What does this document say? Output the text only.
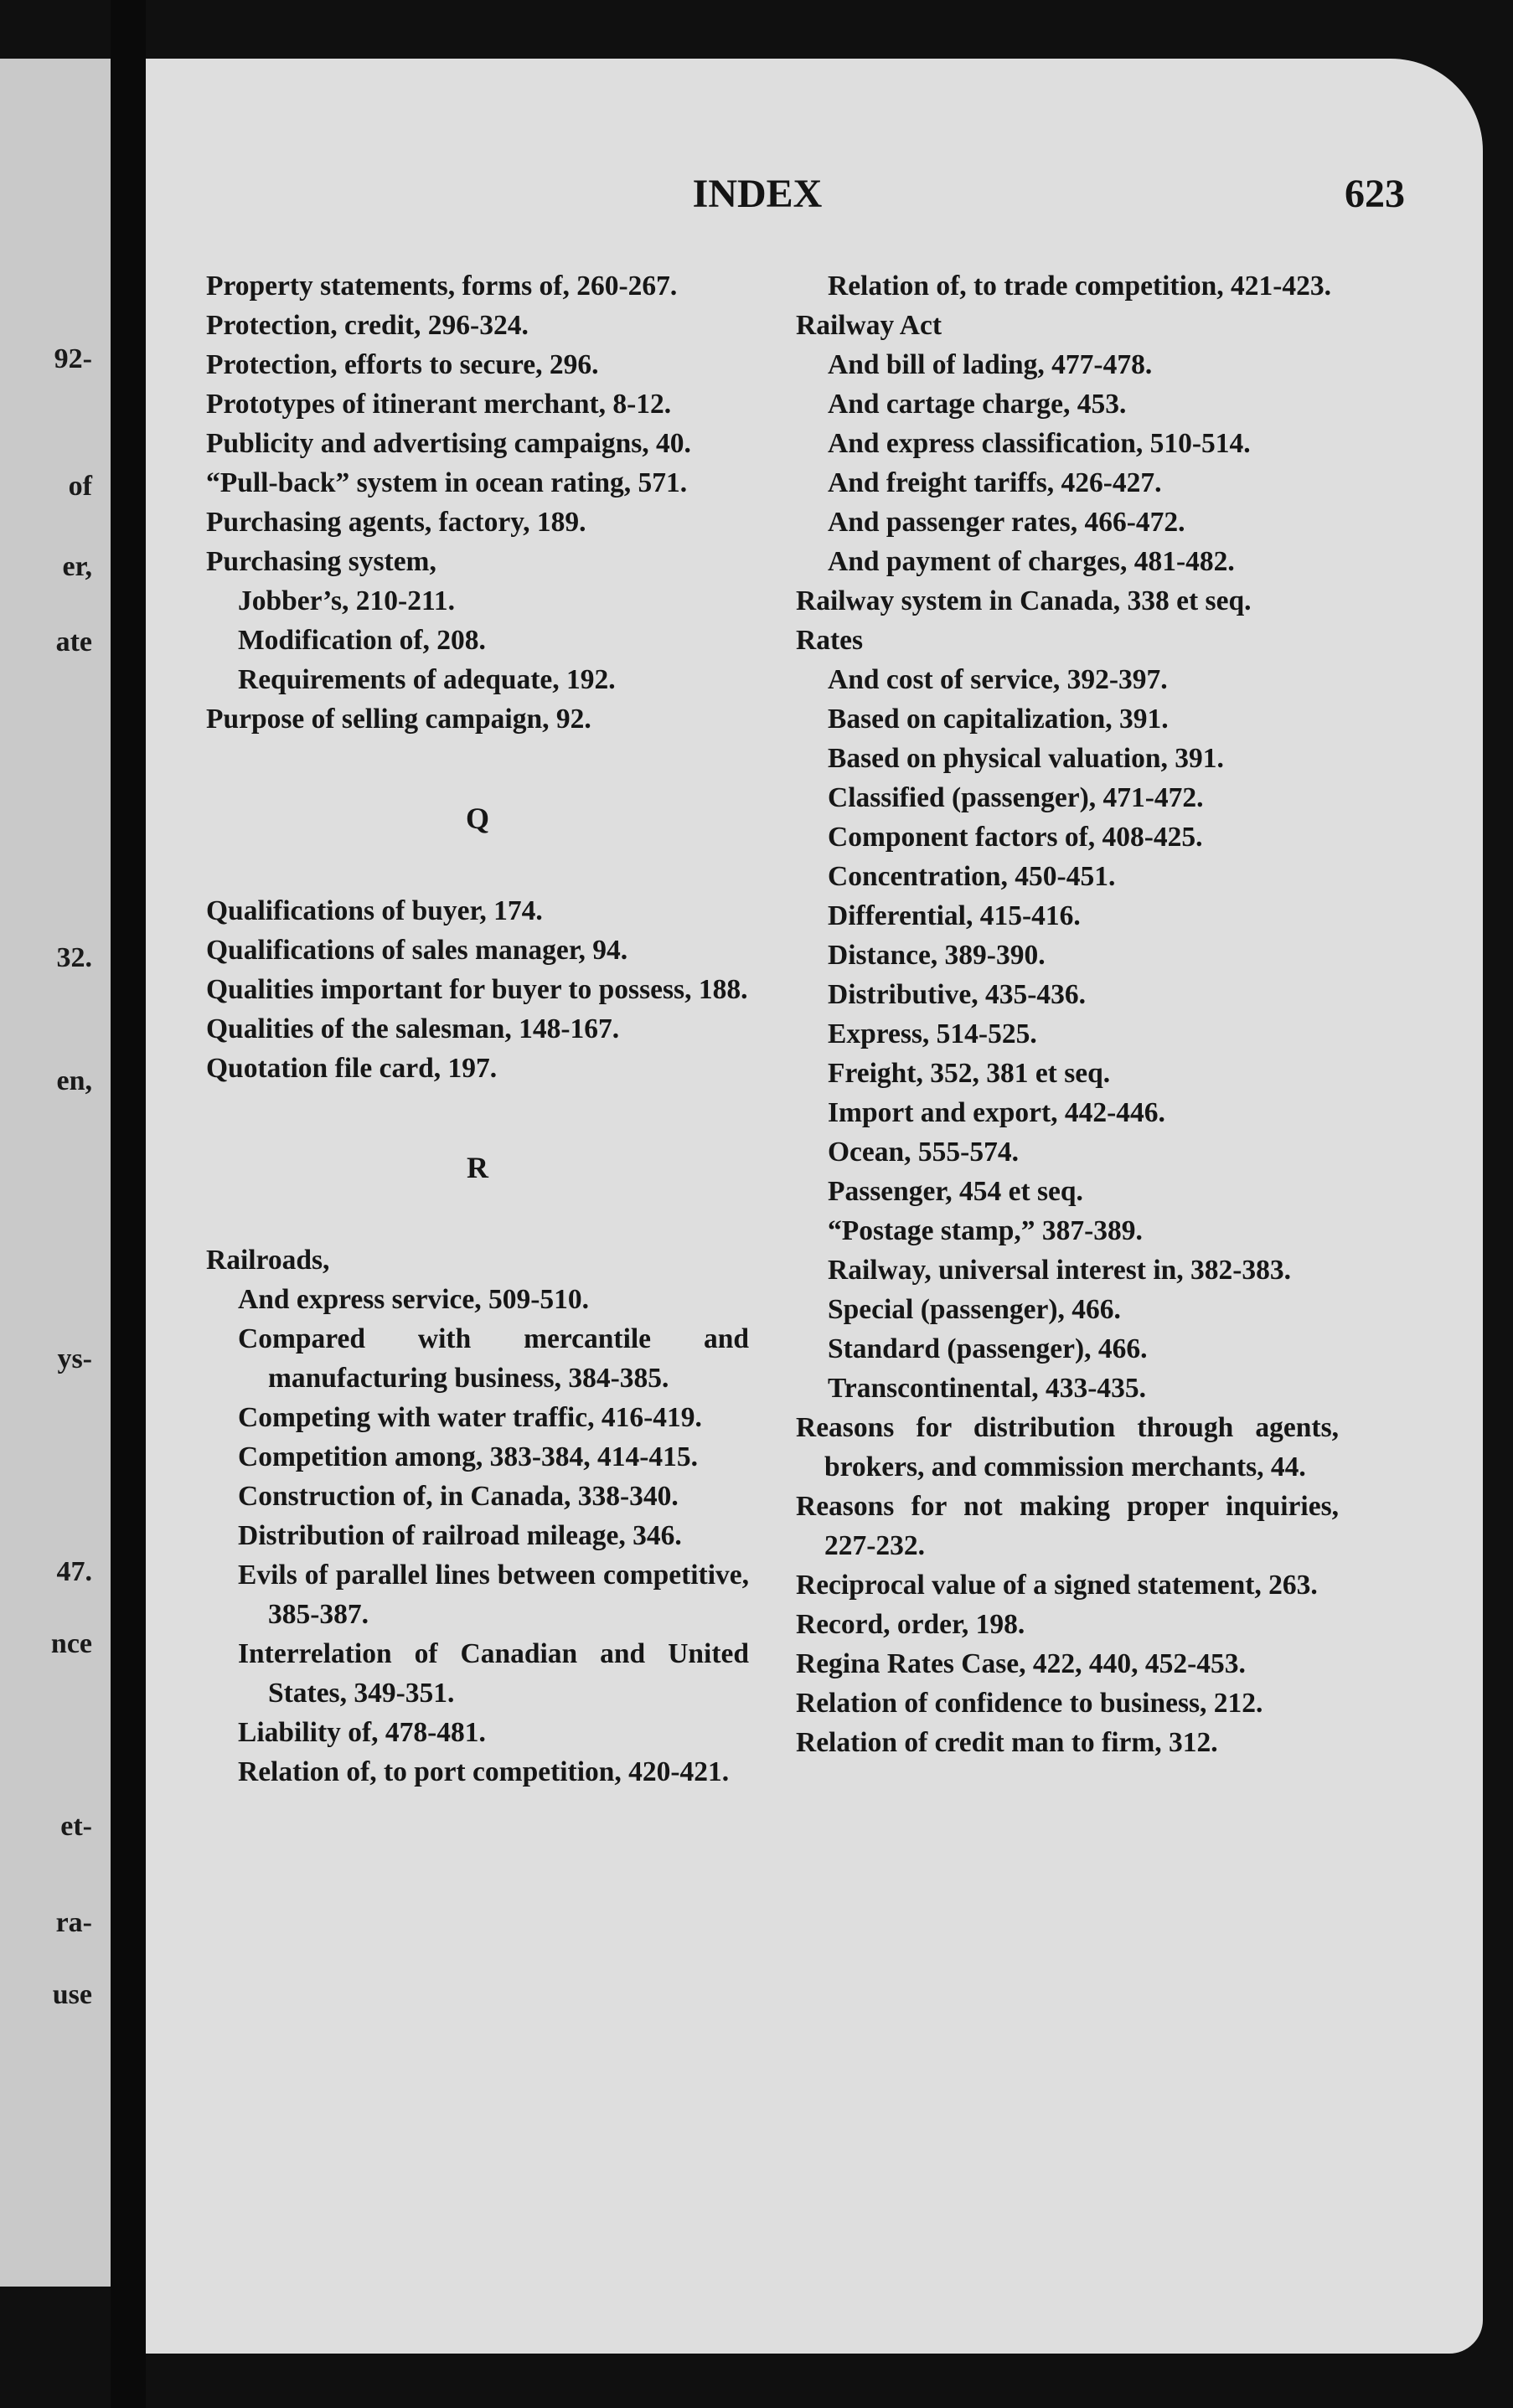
INDEX	623
Property statements, forms of, 260-267.
Protection, credit, 296-324.
Protection, efforts to secure, 296.
Prototypes of itinerant merchant, 8-12.
Publicity and advertising campaigns, 40.
“Pull-back” system in ocean rating, 571.
Purchasing agents, factory, 189.
Purchasing system,
Jobber’s, 210-211.
Modification of, 208.
Requirements of adequate, 192.
Purpose of selling campaign, 92.
Q
Qualifications of buyer, 174.
Qualifications of sales manager, 94.
Qualities important for buyer to possess, 188.
Qualities of the salesman, 148-167.
Quotation file card, 197.
R
Railroads,
And express service, 509-510.
Compared with mercantile and manufacturing business, 384-385.
Competing with water traffic, 416-419.
Competition among, 383-384, 414-415.
Construction of, in Canada, 338-340.
Distribution of railroad mileage, 346.
Evils of parallel lines between competitive, 385-387.
Interrelation of Canadian and United States, 349-351.
Liability of, 478-481.
Relation of, to port competition, 420-421.
Relation of, to trade competition, 421-423.
Railway Act
And bill of lading, 477-478.
And cartage charge, 453.
And express classification, 510-514.
And freight tariffs, 426-427.
And passenger rates, 466-472.
And payment of charges, 481-482.
Railway system in Canada, 338 et seq.
Rates
And cost of service, 392-397.
Based on capitalization, 391.
Based on physical valuation, 391.
Classified (passenger), 471-472.
Component factors of, 408-425.
Concentration, 450-451.
Differential, 415-416.
Distance, 389-390.
Distributive, 435-436.
Express, 514-525.
Freight, 352, 381 et seq.
Import and export, 442-446.
Ocean, 555-574.
Passenger, 454 et seq.
“Postage stamp,” 387-389.
Railway, universal interest in, 382-383.
Special (passenger), 466.
Standard (passenger), 466.
Transcontinental, 433-435.
Reasons for distribution through agents, brokers, and commission merchants, 44.
Reasons for not making proper inquiries, 227-232.
Reciprocal value of a signed statement, 263.
Record, order, 198.
Regina Rates Case, 422, 440, 452-453.
Relation of confidence to business, 212.
Relation of credit man to firm, 312.
92-
of
er,
ate
32.
en,
ys-
47.
nce
et-
ra-
use
